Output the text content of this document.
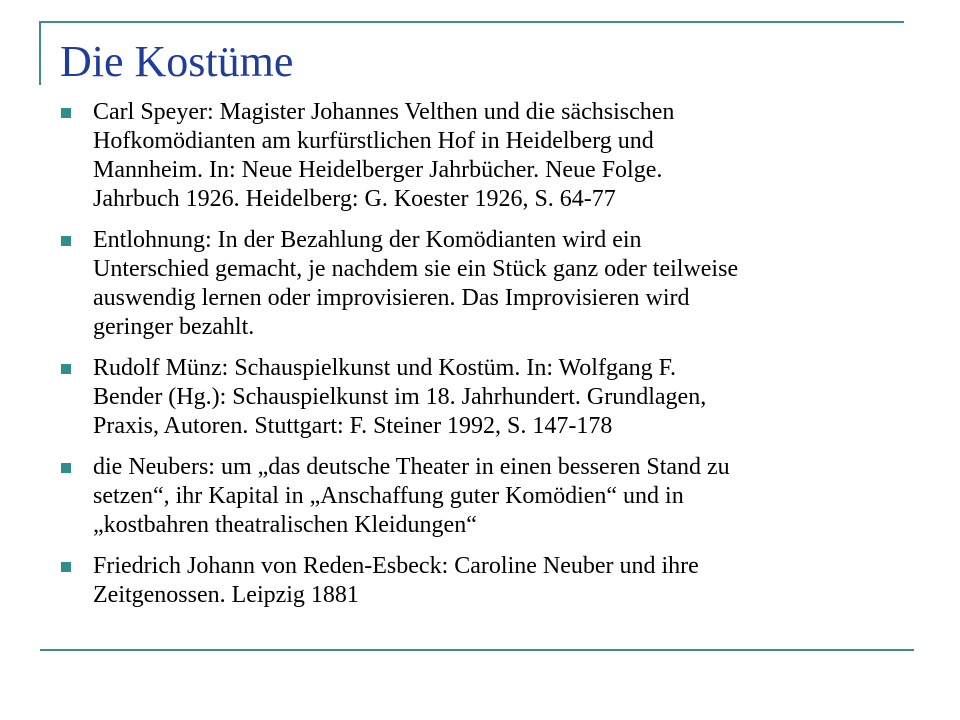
Die Kostüme
Carl Speyer: Magister Johannes Velthen und die sächsischen
Hofkomödianten am kurfürstlichen Hof in Heidelberg und
Mannheim. In: Neue Heidelberger Jahrbücher. Neue Folge.
Jahrbuch 1926. Heidelberg: G. Koester 1926, S. 64-77
Entlohnung: In der Bezahlung der Komödianten wird ein
Unterschied gemacht, je nachdem sie ein Stück ganz oder teilweise
auswendig lernen oder improvisieren. Das Improvisieren wird
geringer bezahlt.
Rudolf Münz: Schauspielkunst und Kostüm. In: Wolfgang F.
Bender (Hg.): Schauspielkunst im 18. Jahrhundert. Grundlagen,
Praxis, Autoren. Stuttgart: F. Steiner 1992, S. 147-178
die Neubers: um „das deutsche Theater in einen besseren Stand zu
setzen“, ihr Kapital in „Anschaffung guter Komödien“ und in
„kostbahren theatralischen Kleidungen“
Friedrich Johann von Reden-Esbeck: Caroline Neuber und ihre
Zeitgenossen. Leipzig 1881
